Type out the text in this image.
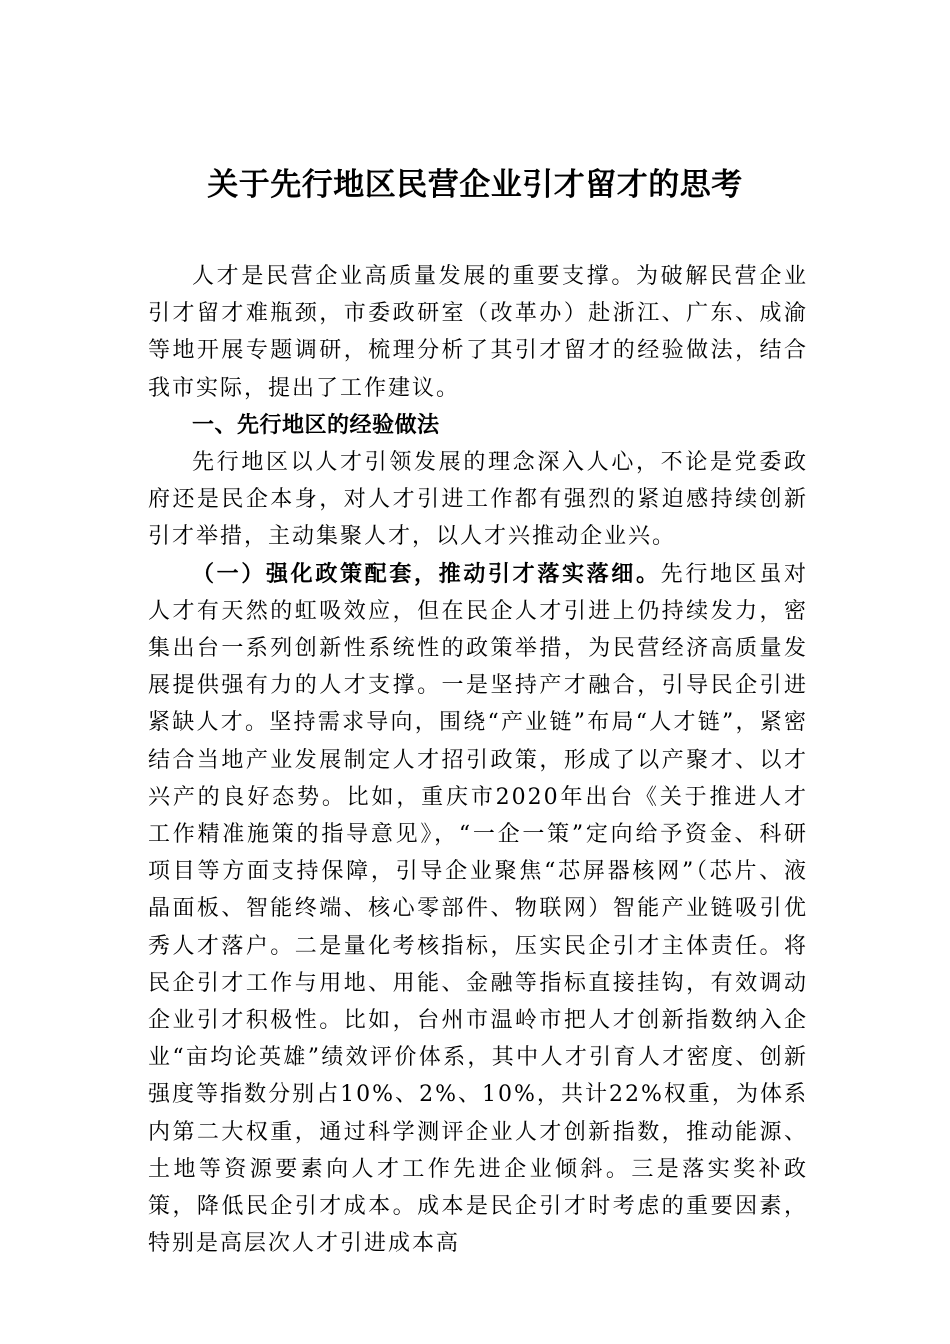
关于先行地区民营企业引才留才的思考

人才是民营企业高质量发展的重要支撑。为破解民营企业引才留才难瓶颈，市委政研室（改革办）赴浙江、广东、成渝等地开展专题调研，梳理分析了其引才留才的经验做法，结合我市实际，提出了工作建议。

一、先行地区的经验做法

先行地区以人才引领发展的理念深入人心，不论是党委政府还是民企本身，对人才引进工作都有强烈的紧迫感持续创新引才举措，主动集聚人才，以人才兴推动企业兴。

（一）强化政策配套，推动引才落实落细。先行地区虽对人才有天然的虹吸效应，但在民企人才引进上仍持续发力，密集出台一系列创新性系统性的政策举措，为民营经济高质量发展提供强有力的人才支撑。一是坚持产才融合，引导民企引进紧缺人才。坚持需求导向，围绕“产业链”布局“人才链”，紧密结合当地产业发展制定人才招引政策，形成了以产聚才、以才兴产的良好态势。比如，重庆市2020年出台《关于推进人才工作精准施策的指导意见》，“一企一策”定向给予资金、科研项目等方面支持保障，引导企业聚焦“芯屏器核网”（芯片、液晶面板、智能终端、核心零部件、物联网）智能产业链吸引优秀人才落户。二是量化考核指标，压实民企引才主体责任。将民企引才工作与用地、用能、金融等指标直接挂钩，有效调动企业引才积极性。比如，台州市温岭市把人才创新指数纳入企业“亩均论英雄”绩效评价体系，其中人才引育人才密度、创新强度等指数分别占10%、2%、10%，共计22%权重，为体系内第二大权重，通过科学测评企业人才创新指数，推动能源、土地等资源要素向人才工作先进企业倾斜。三是落实奖补政策，降低民企引才成本。成本是民企引才时考虑的重要因素，特别是高层次人才引进成本高
